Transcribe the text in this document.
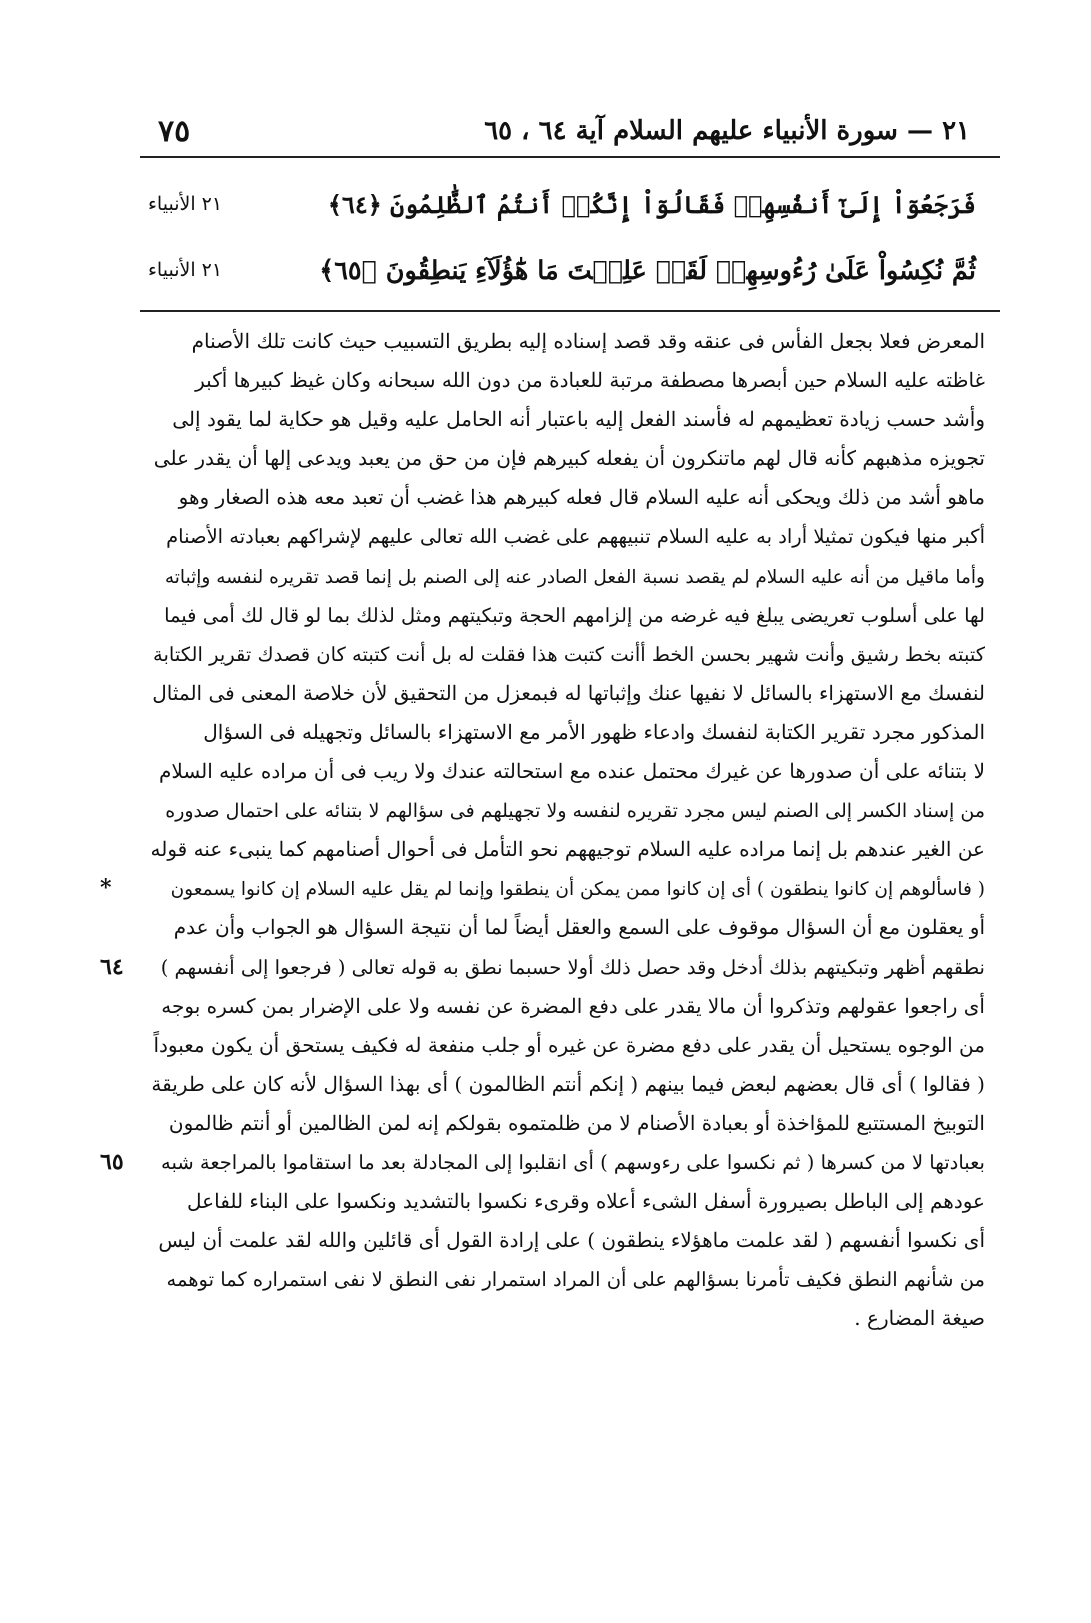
٢١ — سورة الأنبياء عليهم السلام آية ٦٤ ، ٦٥
٧٥
فَرَجَعُوٓاْ إِلَىٰٓ أَنفُسِهِمۡ فَقَالُوٓاْ إِنَّكُمۡ أَنتُمُ ٱلظَّٰلِمُونَ ﴿٦٤﴾
٢١ الأنبياء
ثُمَّ نُكِسُواْ عَلَىٰ رُءُوسِهِمۡ لَقَدۡ عَلِمۡتَ مَا هَٰٓؤُلَآءِ يَنطِقُونَ ﴿٦٥﴾
٢١ الأنبياء
المعرض فعلا بجعل الفأس فى عنقه وقد قصد إسناده إليه بطريق التسبيب حيث كانت تلك الأصنام
غاظته عليه السلام حين أبصرها مصطفة مرتبة للعبادة من دون الله سبحانه وكان غيظ كبيرها أكبر
وأشد حسب زيادة تعظيمهم له فأسند الفعل إليه باعتبار أنه الحامل عليه وقيل هو حكاية لما يقود إلى
تجويزه مذهبهم كأنه قال لهم ماتنكرون أن يفعله كبيرهم فإن من حق من يعبد ويدعى إلها أن يقدر على
ماهو أشد من ذلك ويحكى أنه عليه السلام قال فعله كبيرهم هذا غضب أن تعبد معه هذه الصغار وهو
أكبر منها فيكون تمثيلا أراد به عليه السلام تنبيههم على غضب الله تعالى عليهم لإشراكهم بعبادته الأصنام
وأما ماقيل من أنه عليه السلام لم يقصد نسبة الفعل الصادر عنه إلى الصنم بل إنما قصد تقريره لنفسه وإثباته
لها على أسلوب تعريضى يبلغ فيه غرضه من إلزامهم الحجة وتبكيتهم ومثل لذلك بما لو قال لك أمى فيما
كتبته بخط رشيق وأنت شهير بحسن الخط أأنت كتبت هذا فقلت له بل أنت كتبته كان قصدك تقرير الكتابة
لنفسك مع الاستهزاء بالسائل لا نفيها عنك وإثباتها له فبمعزل من التحقيق لأن خلاصة المعنى فى المثال
المذكور مجرد تقرير الكتابة لنفسك وادعاء ظهور الأمر مع الاستهزاء بالسائل وتجهيله فى السؤال
لا بتنائه على أن صدورها عن غيرك محتمل عنده مع استحالته عندك ولا ريب فى أن مراده عليه السلام
من إسناد الكسر إلى الصنم ليس مجرد تقريره لنفسه ولا تجهيلهم فى سؤالهم لا بتنائه على احتمال صدوره
عن الغير عندهم بل إنما مراده عليه السلام توجيههم نحو التأمل فى أحوال أصنامهم كما ينبىء عنه قوله
( فاسألوهم إن كانوا ينطقون ) أى إن كانوا ممن يمكن أن ينطقوا وإنما لم يقل عليه السلام إن كانوا يسمعون
أو يعقلون مع أن السؤال موقوف على السمع والعقل أيضاً لما أن نتيجة السؤال هو الجواب وأن عدم
نطقهم أظهر وتبكيتهم بذلك أدخل وقد حصل ذلك أولا حسبما نطق به قوله تعالى ( فرجعوا إلى أنفسهم )
أى راجعوا عقولهم وتذكروا أن مالا يقدر على دفع المضرة عن نفسه ولا على الإضرار بمن كسره بوجه
من الوجوه يستحيل أن يقدر على دفع مضرة عن غيره أو جلب منفعة له فكيف يستحق أن يكون معبوداً
( فقالوا ) أى قال بعضهم لبعض فيما بينهم ( إنكم أنتم الظالمون ) أى بهذا السؤال لأنه كان على طريقة
التوبيخ المستتبع للمؤاخذة أو بعبادة الأصنام لا من ظلمتموه بقولكم إنه لمن الظالمين أو أنتم ظالمون
بعبادتها لا من كسرها ( ثم نكسوا على رءوسهم ) أى انقلبوا إلى المجادلة بعد ما استقاموا بالمراجعة شبه
عودهم إلى الباطل بصيرورة أسفل الشىء أعلاه وقرىء نكسوا بالتشديد ونكسوا على البناء للفاعل
أى نكسوا أنفسهم ( لقد علمت ماهؤلاء ينطقون ) على إرادة القول أى قائلين والله لقد علمت أن ليس
من شأنهم النطق فكيف تأمرنا بسؤالهم على أن المراد استمرار نفى النطق لا نفى استمراره كما توهمه
صيغة المضارع .
*
٦٤
٦٥
